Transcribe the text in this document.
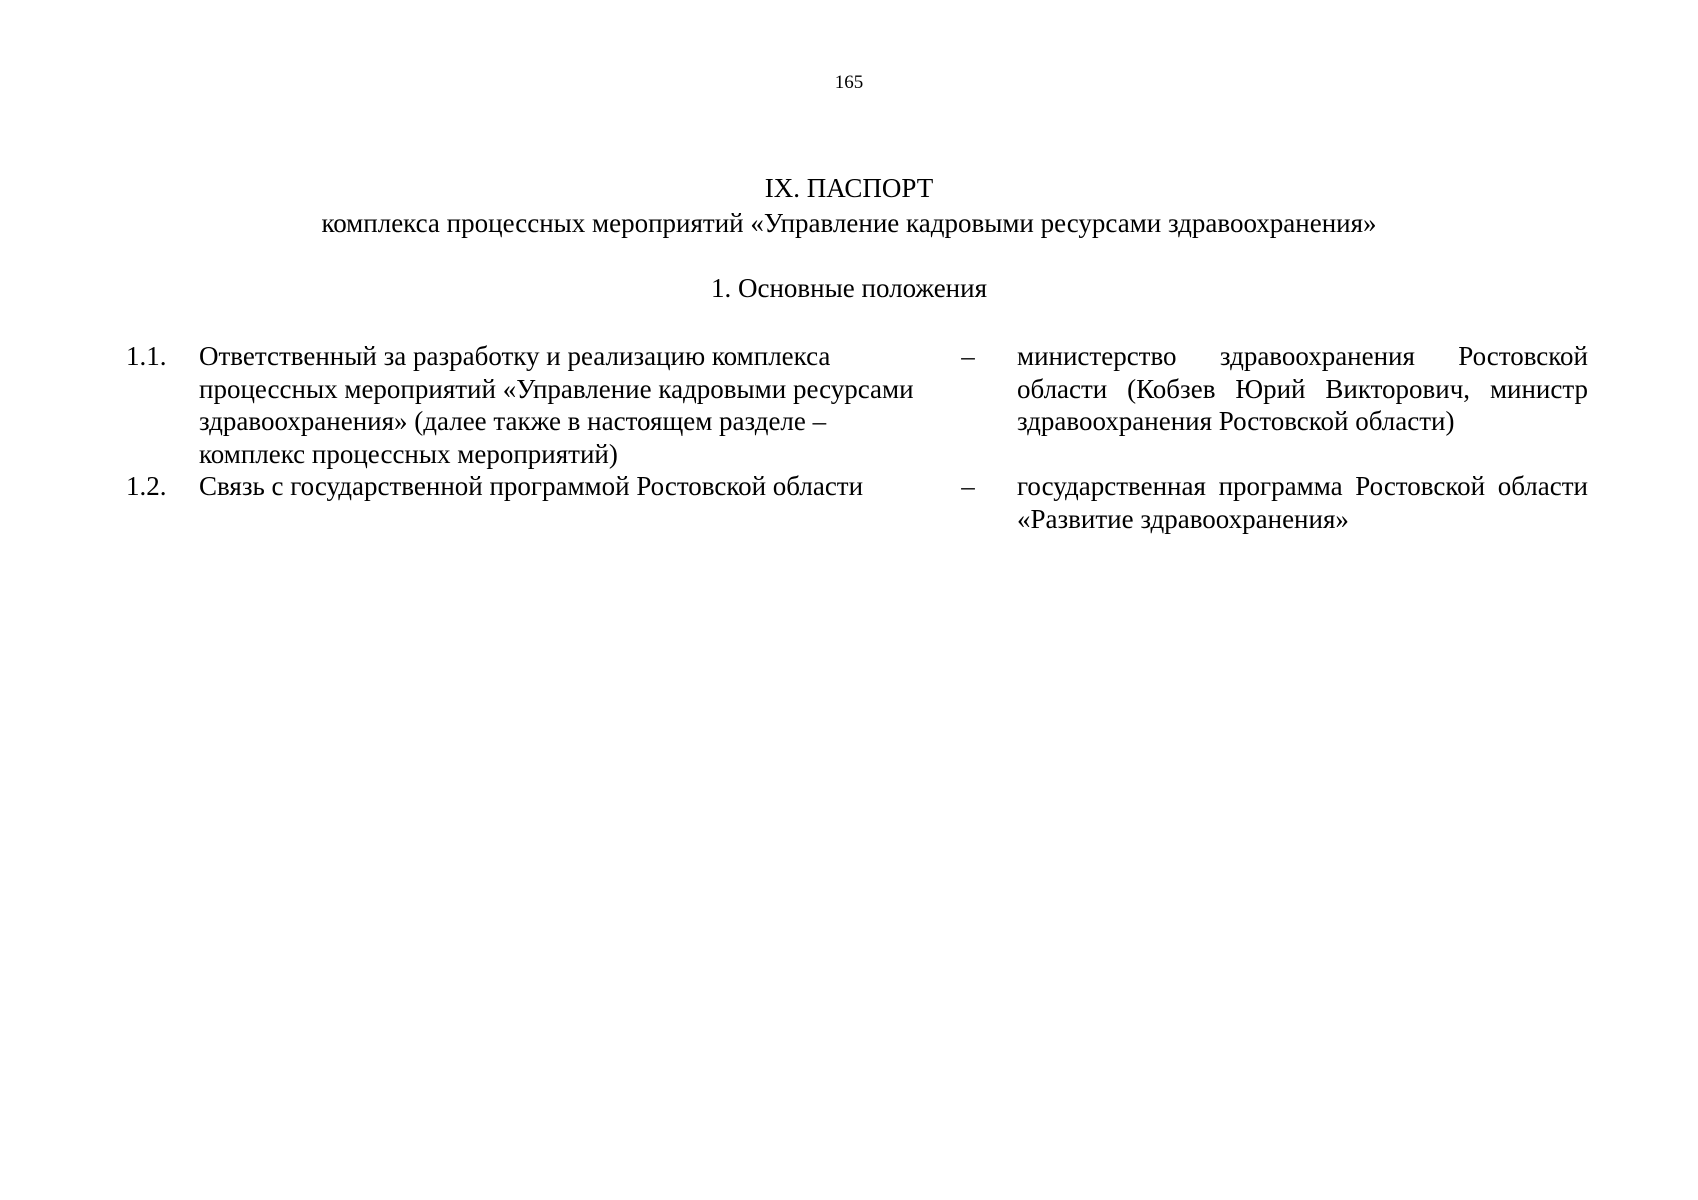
165
IX. ПАСПОРТ
комплекса процессных мероприятий «Управление кадровыми ресурсами здравоохранения»
1. Основные положения
1.1.	Ответственный за разработку и реализацию комплекса процессных мероприятий «Управление кадровыми ресурсами здравоохранения» (далее также в настоящем разделе – комплекс процессных мероприятий)	–	министерство здравоохранения Ростовской области (Кобзев Юрий Викторович, министр здравоохранения Ростовской области)
1.2.	Связь с государственной программой Ростовской области	–	государственная программа Ростовской области «Развитие здравоохранения»
